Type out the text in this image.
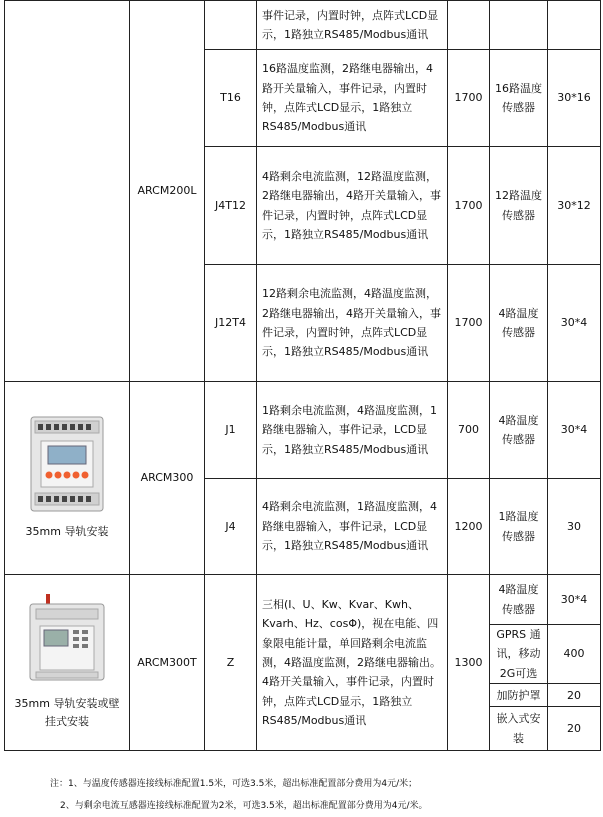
	ARCM200L		事件记录，内置时钟，点阵式LCD显示，1路独立RS485/Modbus通讯			
		T16	16路温度监测，2路继电器输出，4路开关量输入，事件记录，内置时钟，点阵式LCD显示，1路独立RS485/Modbus通讯	1700	16路温度传感器	30*16
		J4T12	4路剩余电流监测，12路温度监测，2路继电器输出，4路开关量输入，事件记录，内置时钟，点阵式LCD显示，1路独立RS485/Modbus通讯	1700	12路温度传感器	30*12
		J12T4	12路剩余电流监测，4路温度监测，2路继电器输出，4路开关量输入，事件记录，内置时钟，点阵式LCD显示，1路独立RS485/Modbus通讯	1700	4路温度传感器	30*4

35mm 导轨安装	ARCM300	J1	1路剩余电流监测，4路温度监测，1路继电器输入，事件记录，LCD显示，1路独立RS485/Modbus通讯	700	4路温度传感器	30*4
		J4	4路剩余电流监测，1路温度监测，4路继电器输入，事件记录，LCD显示，1路独立RS485/Modbus通讯	1200	1路温度传感器	30

35mm 导轨安装或壁挂式安装	ARCM300T	Z	三相(I、U、Kw、Kvar、Kwh、Kvarh、Hz、cosΦ)，视在电能、四象限电能计量，单回路剩余电流监测，4路温度监测，2路继电器输出。4路开关量输入，事件记录，内置时钟，点阵式LCD显示，1路独立RS485/Modbus通讯	1300	4路温度传感器	30*4
					GPRS 通讯，移动2G可选	400
					加防护罩	20
					嵌入式安装	20
注：1、与温度传感器连接线标准配置1.5米，可选3.5米，超出标准配置部分费用为4元/米；
2、与剩余电流互感器连接线标准配置为2米，可选3.5米，超出标准配置部分费用为4元/米。
